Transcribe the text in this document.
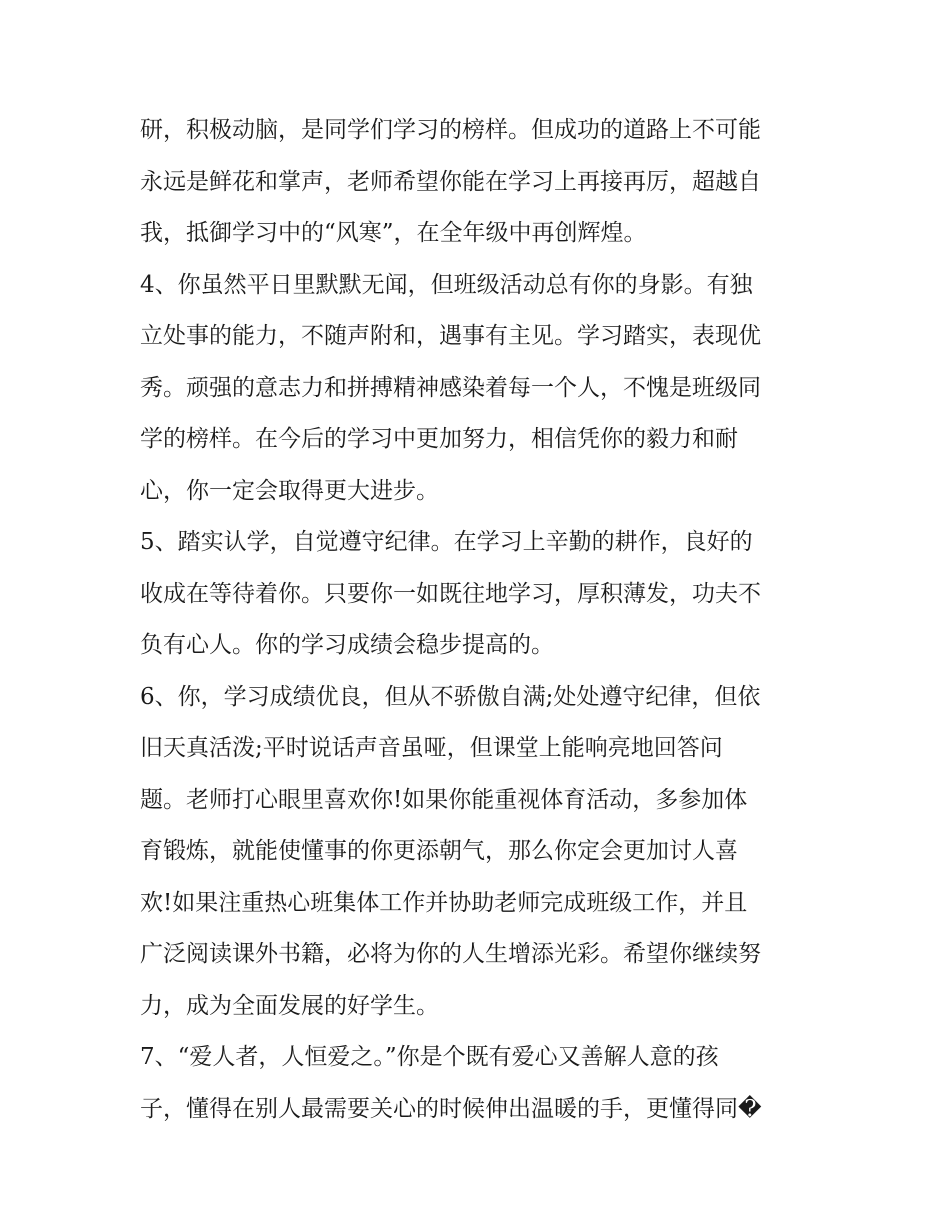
研，积极动脑，是同学们学习的榜样。但成功的道路上不可能
永远是鲜花和掌声，老师希望你能在学习上再接再厉，超越自
我，抵御学习中的“风寒”，在全年级中再创辉煌。
4、你虽然平日里默默无闻，但班级活动总有你的身影。有独
立处事的能力，不随声附和，遇事有主见。学习踏实，表现优
秀。顽强的意志力和拼搏精神感染着每一个人，不愧是班级同
学的榜样。在今后的学习中更加努力，相信凭你的毅力和耐
心，你一定会取得更大进步。
5、踏实认学，自觉遵守纪律。在学习上辛勤的耕作，良好的
收成在等待着你。只要你一如既往地学习，厚积薄发，功夫不
负有心人。你的学习成绩会稳步提高的。
6、你，学习成绩优良，但从不骄傲自满;处处遵守纪律，但依
旧天真活泼;平时说话声音虽哑，但课堂上能响亮地回答问
题。老师打心眼里喜欢你!如果你能重视体育活动，多参加体
育锻炼，就能使懂事的你更添朝气，那么你定会更加讨人喜
欢!如果注重热心班集体工作并协助老师完成班级工作，并且
广泛阅读课外书籍，必将为你的人生增添光彩。希望你继续努
力，成为全面发展的好学生。
7、“爱人者，人恒爱之。”你是个既有爱心又善解人意的孩
子，懂得在别人最需要关心的时候伸出温暖的手，更懂得同�
